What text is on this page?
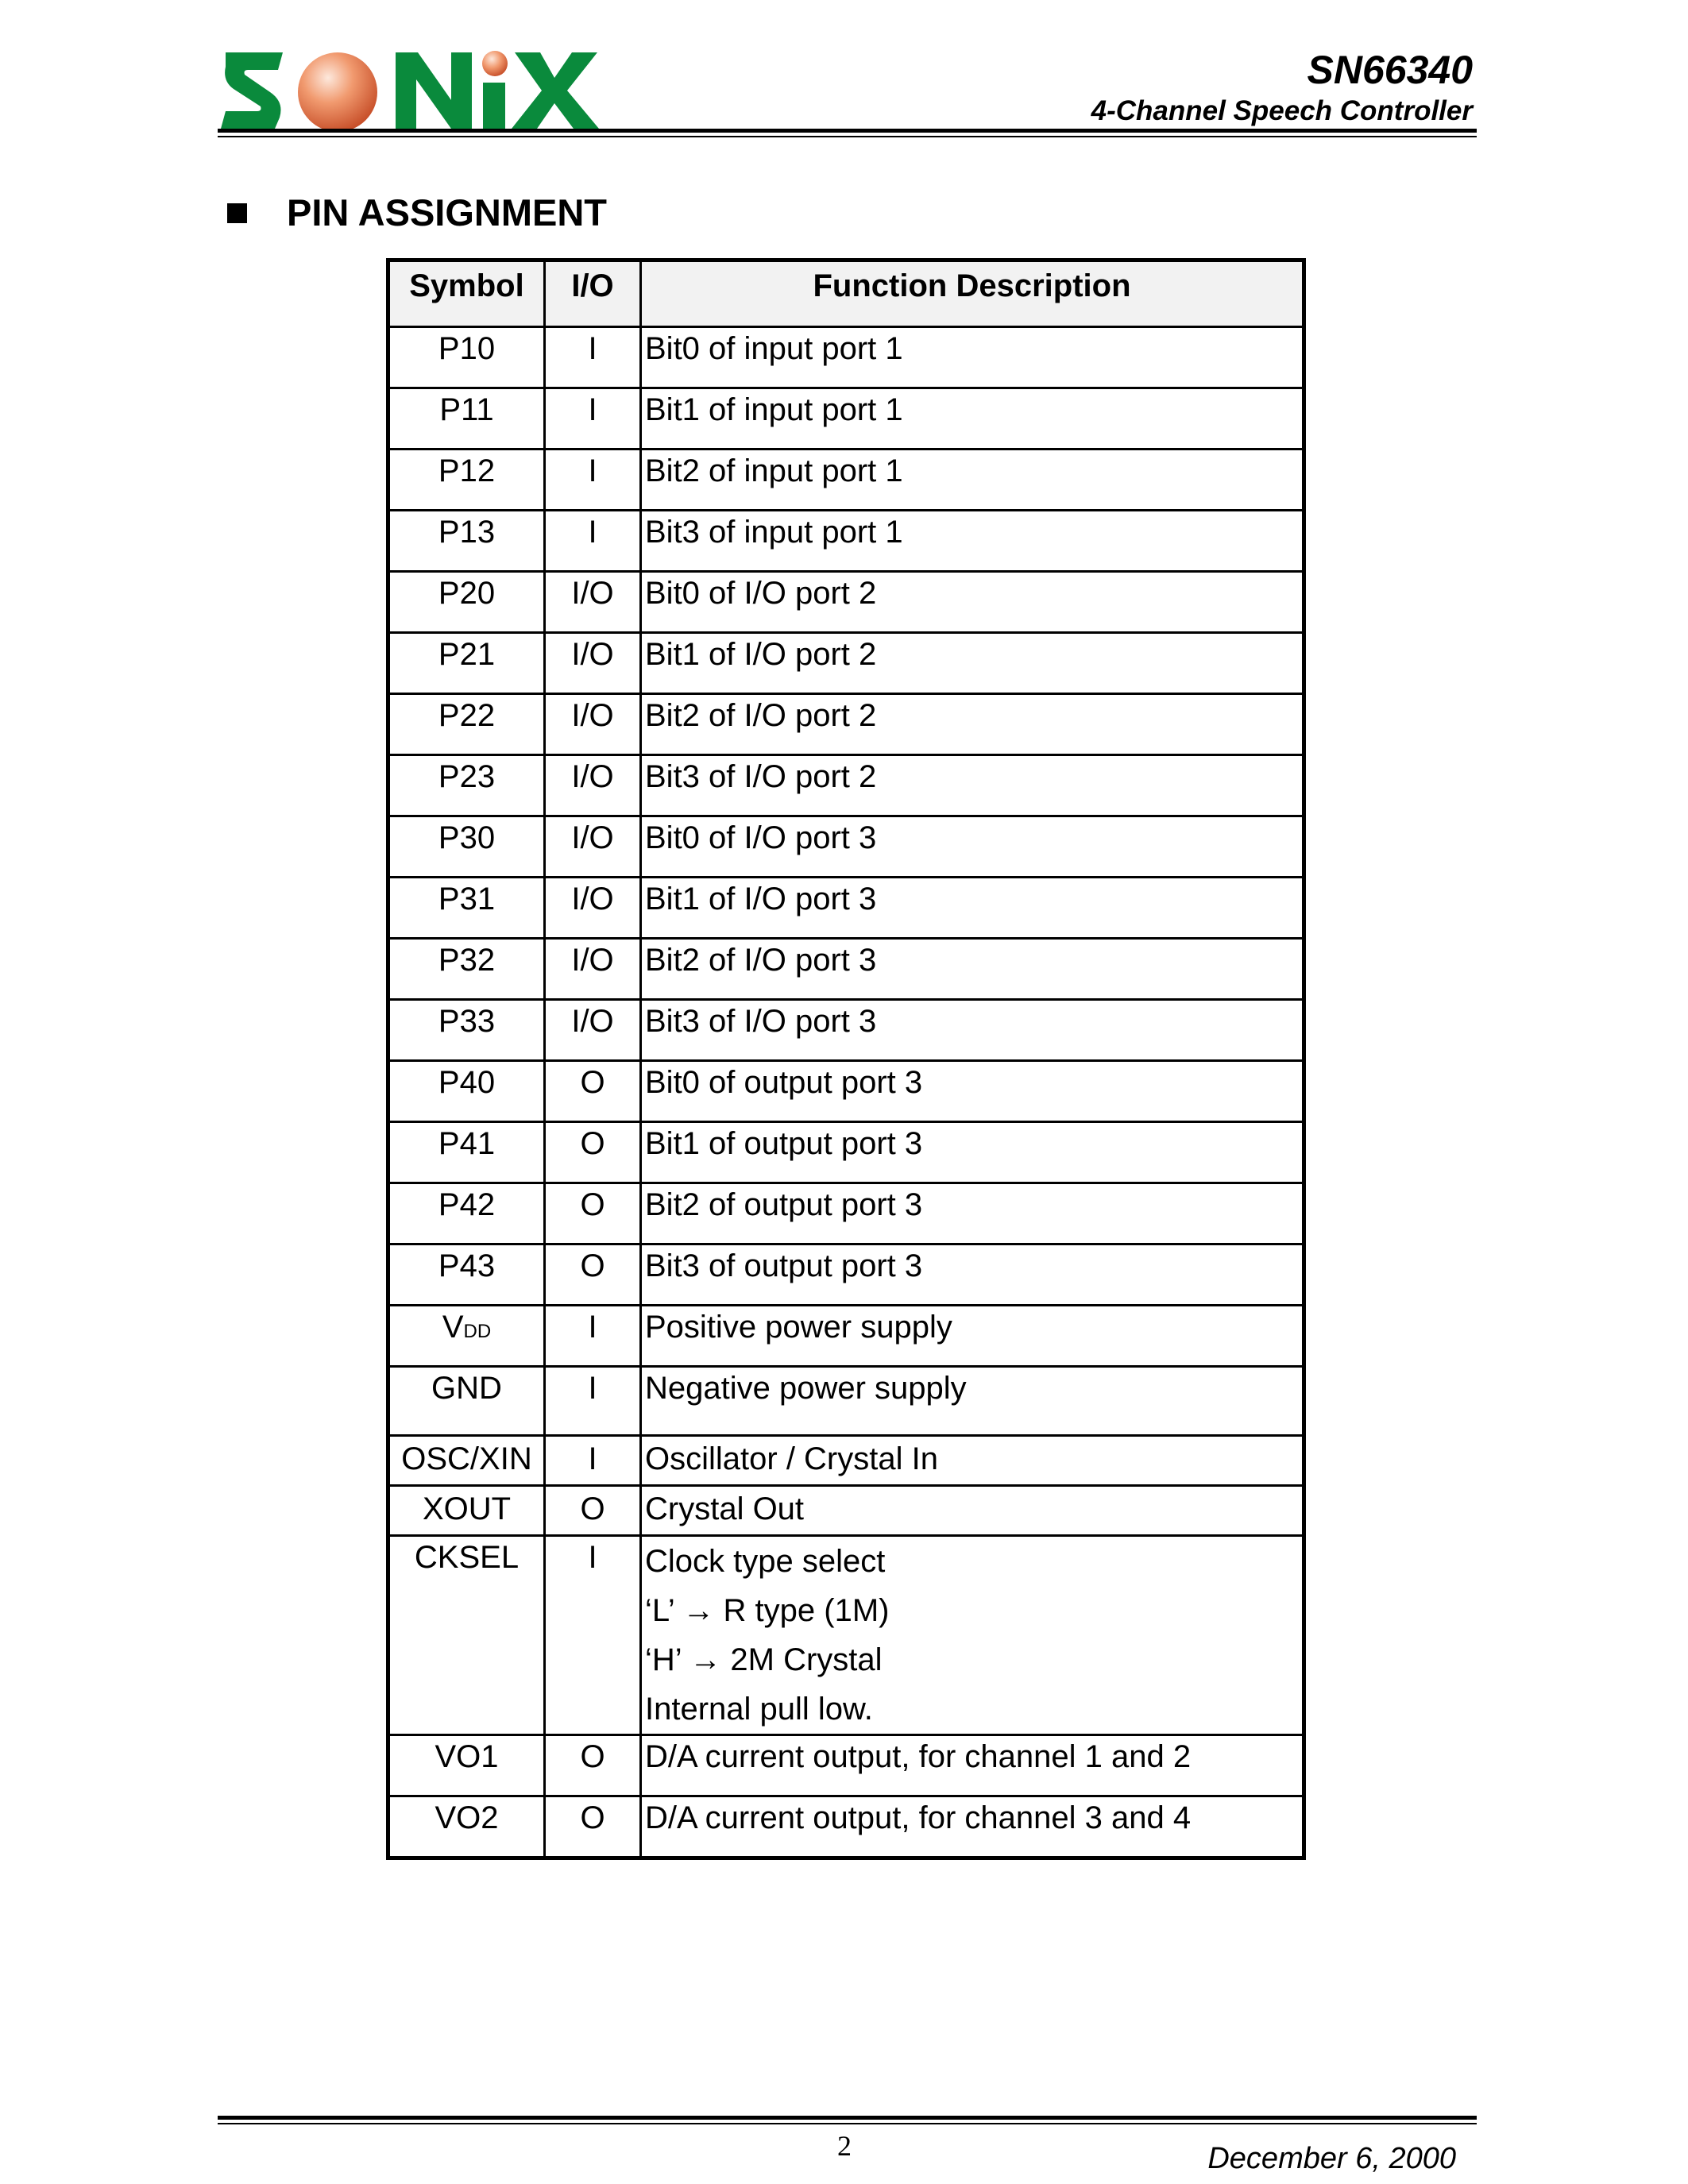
SN66340
4-Channel Speech Controller
PIN ASSIGNMENT
Symbol	I/O	Function Description
P10	I	Bit0 of input port 1
P11	I	Bit1 of input port 1
P12	I	Bit2 of input port 1
P13	I	Bit3 of input port 1
P20	I/O	Bit0 of I/O port 2
P21	I/O	Bit1 of I/O port 2
P22	I/O	Bit2 of I/O port 2
P23	I/O	Bit3 of I/O port 2
P30	I/O	Bit0 of I/O port 3
P31	I/O	Bit1 of I/O port 3
P32	I/O	Bit2 of I/O port 3
P33	I/O	Bit3 of I/O port 3
P40	O	Bit0 of output port 3
P41	O	Bit1 of output port 3
P42	O	Bit2 of output port 3
P43	O	Bit3 of output port 3
VDD	I	Positive power supply
GND	I	Negative power supply
OSC/XIN	I	Oscillator / Crystal In
XOUT	O	Crystal Out
CKSEL	I	Clock type select
‘L’ → R type (1M)
‘H’ → 2M Crystal
Internal pull low.

VO1	O	D/A current output, for channel 1 and 2
VO2	O	D/A current output, for channel 3 and 4
2	December 6, 2000
